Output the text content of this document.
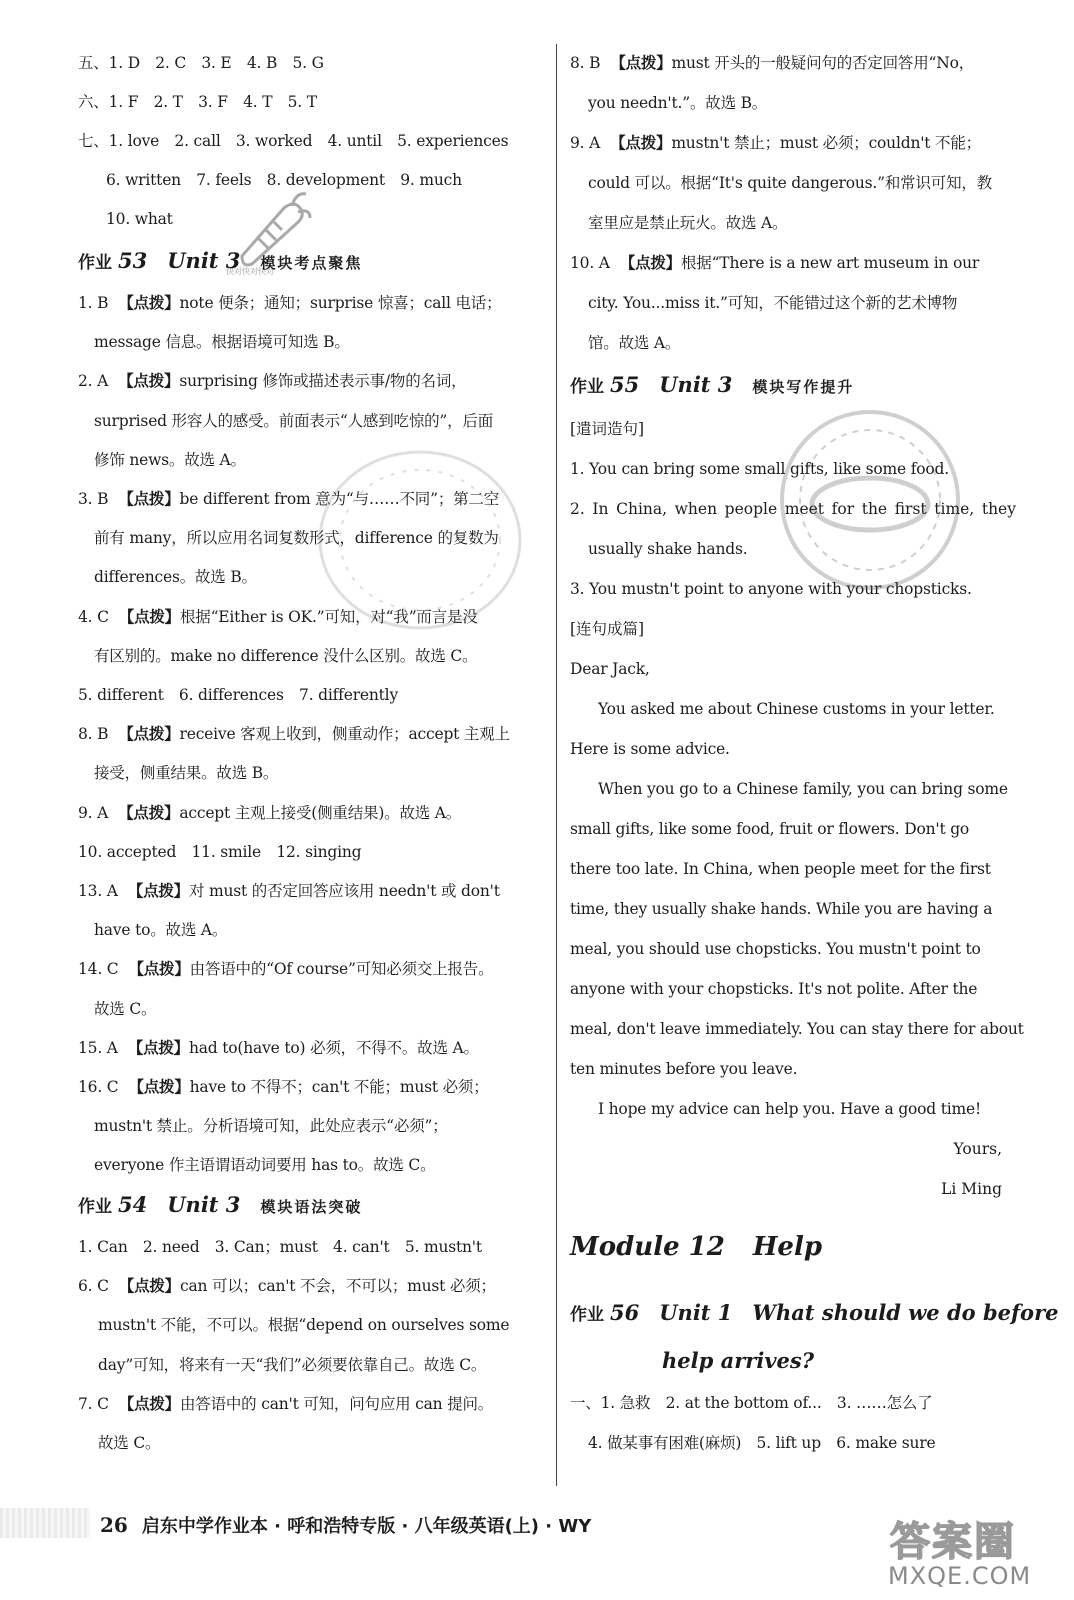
五、1. D　2. C　3. E　4. B　5. G
六、1. F　2. T　3. F　4. T　5. T
七、1. love　2. call　3. worked　4. until　5. experiences
6. written　7. feels　8. development　9. much
10. what
作业 53 Unit 3 模块考点聚焦
1. B 【点拨】note 便条；通知；surprise 惊喜；call 电话；
message 信息。根据语境可知选 B。
2. A 【点拨】surprising 修饰或描述表示事/物的名词，
surprised 形容人的感受。前面表示“人感到吃惊的”，后面
修饰 news。故选 A。
3. B 【点拨】be different from 意为“与……不同”；第二空
前有 many，所以应用名词复数形式，difference 的复数为
differences。故选 B。
4. C 【点拨】根据“Either is OK.”可知，对“我”而言是没
有区别的。make no difference 没什么区别。故选 C。
5. different　6. differences　7. differently
8. B 【点拨】receive 客观上收到，侧重动作；accept 主观上
接受，侧重结果。故选 B。
9. A 【点拨】accept 主观上接受(侧重结果)。故选 A。
10. accepted　11. smile　12. singing
13. A 【点拨】对 must 的否定回答应该用 needn't 或 don't
have to。故选 A。
14. C 【点拨】由答语中的“Of course”可知必须交上报告。
故选 C。
15. A 【点拨】had to(have to) 必须，不得不。故选 A。
16. C 【点拨】have to 不得不；can't 不能；must 必须；
mustn't 禁止。分析语境可知，此处应表示“必须”；
everyone 作主语谓语动词要用 has to。故选 C。
作业 54 Unit 3 模块语法突破
1. Can　2. need　3. Can；must　4. can't　5. mustn't
6. C 【点拨】can 可以；can't 不会，不可以；must 必须；
mustn't 不能，不可以。根据“depend on ourselves some
day”可知，将来有一天“我们”必须要依靠自己。故选 C。
7. C 【点拨】由答语中的 can't 可知，问句应用 can 提问。
故选 C。
8. B 【点拨】must 开头的一般疑问句的否定回答用“No，
you needn't.”。故选 B。
9. A 【点拨】mustn't 禁止；must 必须；couldn't 不能；
could 可以。根据“It's quite dangerous.”和常识可知，教
室里应是禁止玩火。故选 A。
10. A 【点拨】根据“There is a new art museum in our
city. You...miss it.”可知，不能错过这个新的艺术博物
馆。故选 A。
作业 55 Unit 3 模块写作提升
[遣词造句]
1. You can bring some small gifts, like some food.
2. In China, when people meet for the first time, they
usually shake hands.
3. You mustn't point to anyone with your chopsticks.
[连句成篇]
Dear Jack,
You asked me about Chinese customs in your letter.
Here is some advice.
When you go to a Chinese family, you can bring some
small gifts, like some food, fruit or flowers. Don't go
there too late. In China, when people meet for the first
time, they usually shake hands. While you are having a
meal, you should use chopsticks. You mustn't point to
anyone with your chopsticks. It's not polite. After the
meal, don't leave immediately. You can stay there for about
ten minutes before you leave.
I hope my advice can help you. Have a good time!
Yours,
Li Ming
Module 12 Help
作业 56 Unit 1 What should we do before
help arrives?
一、1. 急救　2. at the bottom of...　3. ……怎么了
4. 做某事有困难(麻烦)　5. lift up　6. make sure
快对快对快对
26 启东中学作业本 · 呼和浩特专版 · 八年级英语(上) · WY	答案圈
MXQE.COM
